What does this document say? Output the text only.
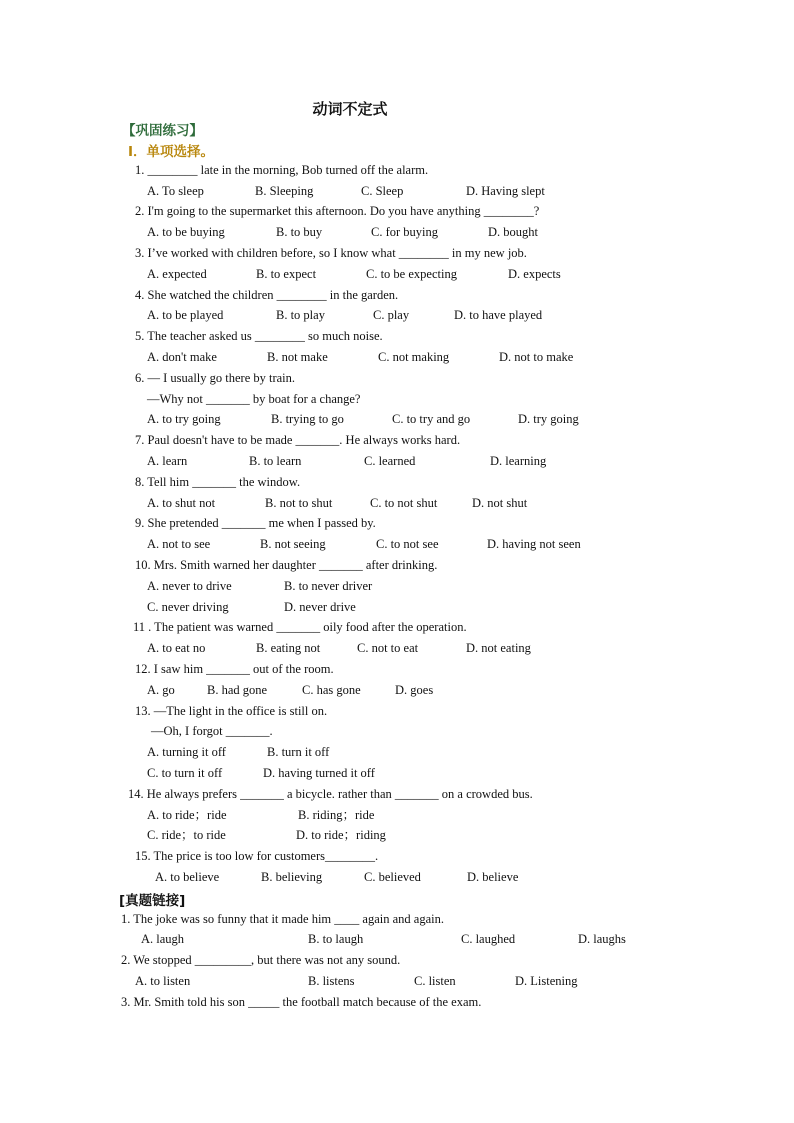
动词不定式
【巩固练习】
I．单项选择。
1. ________ late in the morning, Bob turned off the alarm.
A. To sleep	B. Sleeping	C. Sleep	D. Having slept
2. I'm going to the supermarket this afternoon. Do you have anything ________?
A. to be buying	B. to buy	C. for buying	D. bought
3. I’ve worked with children before, so I know what ________ in my new job.
A. expected	B. to expect	C. to be expecting	D. expects
4. She watched the children ________ in the garden.
A. to be played	B. to play	C. play	D. to have played
5. The teacher asked us ________ so much noise.
A. don't make	B. not make	C. not making	D. not to make
6. — I usually go there by train.
—Why not _______ by boat for a change?
A. to try going	B. trying to go	C. to try and go	D. try going
7. Paul doesn't have to be made _______. He always works hard.
A. learn	B. to learn	C. learned	D. learning
8. Tell him _______ the window.
A. to shut not	B. not to shut	C. to not shut	D. not shut
9. She pretended _______ me when I passed by.
A. not to see	B. not seeing	C. to not see	D. having not seen
10. Mrs. Smith warned her daughter _______ after drinking.
A. never to drive	B. to never driver
C. never driving	D. never drive
11 . The patient was warned _______ oily food after the operation.
A. to eat no	B. eating not	C. not to eat	D. not eating
12. I saw him _______ out of the room.
A. go	B. had gone	C. has gone	D. goes
13. —The light in the office is still on.
—Oh, I forgot _______.
A. turning it off	B. turn it off
C. to turn it off	D. having turned it off
14. He always prefers _______ a bicycle. rather than _______ on a crowded bus.
A. to ride；ride	B. riding；ride
C. ride；to ride	D. to ride；riding
15. The price is too low for customers________.
A. to believe	B. believing	C. believed	D. believe
[真题链接]
1. The joke was so funny that it made him ____ again and again.
A. laugh	B. to laugh	C. laughed	D. laughs
2. We stopped _________, but there was not any sound.
A. to listen	B. listens	C. listen	D. Listening
3. Mr. Smith told his son _____ the football match because of the exam.
